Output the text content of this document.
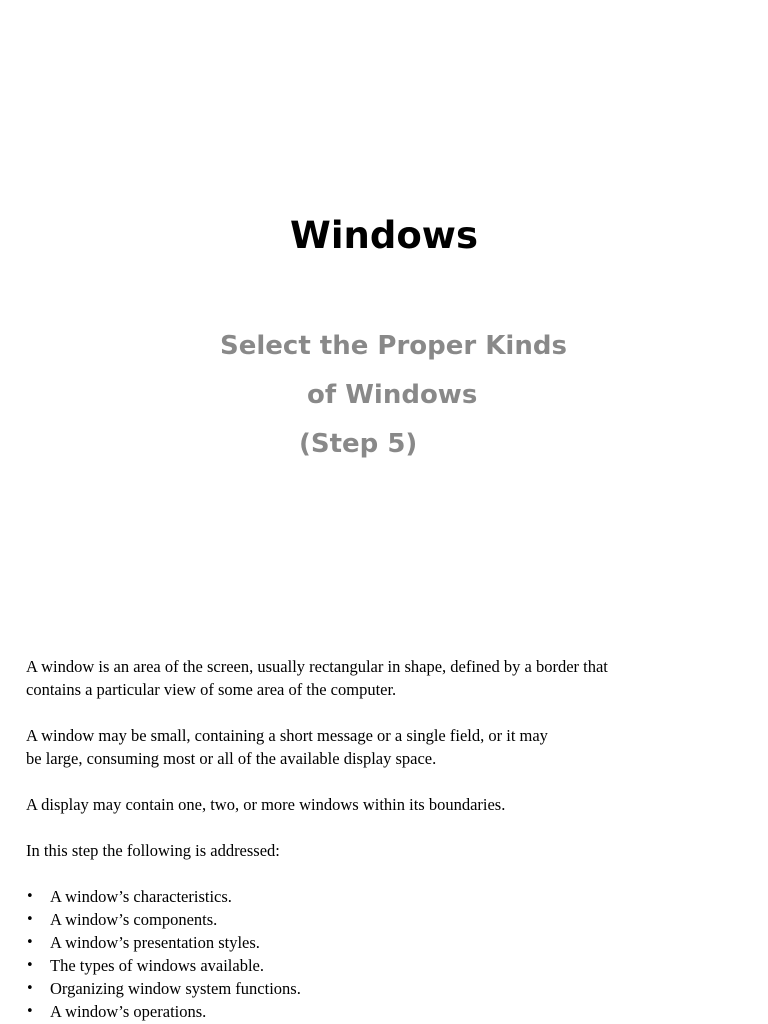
Windows
Select the Proper Kinds
of Windows
(Step 5)

A window is an area of the screen, usually rectangular in shape, defined by a border that
contains a particular view of some area of the computer.

A window may be small, containing a short message or a single field, or it may
be large, consuming most or all of the available display space.

A display may contain one, two, or more windows within its boundaries.

In this step the following is addressed:

• A window’s characteristics.
• A window’s components.
• A window’s presentation styles.
• The types of windows available.
• Organizing window system functions.
• A window’s operations.
